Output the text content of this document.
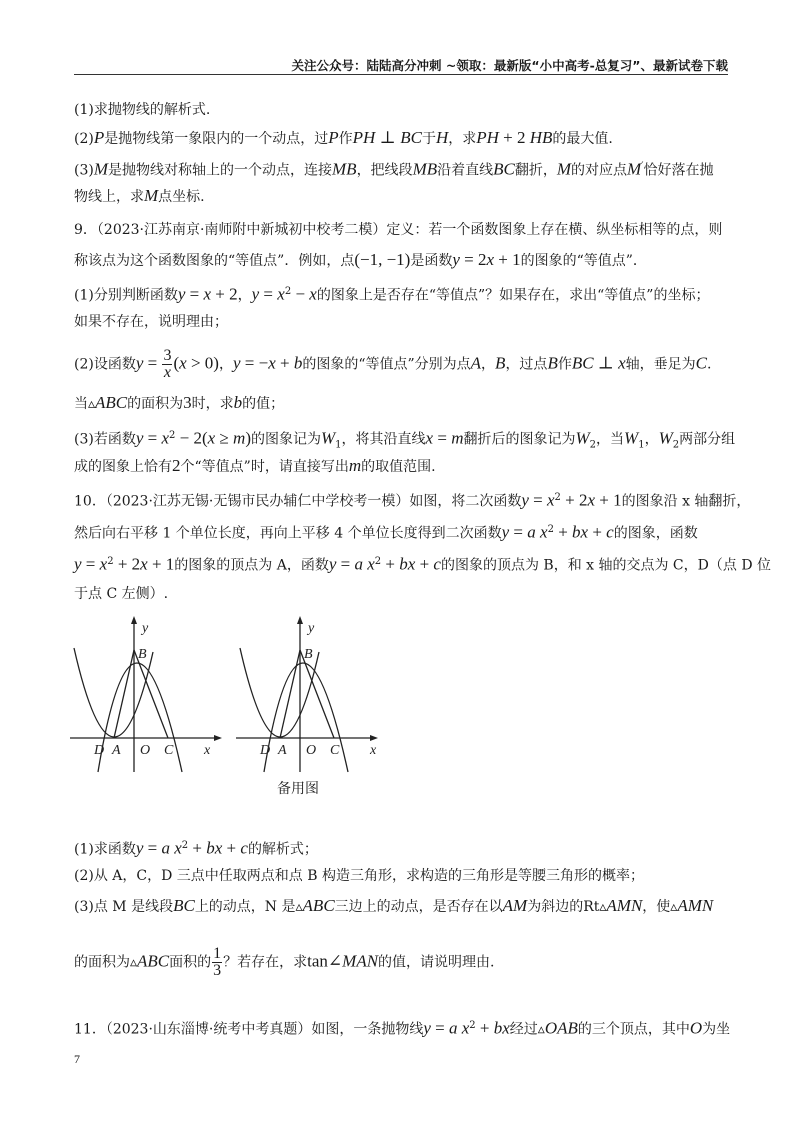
关注公众号：陆陆高分冲刺 ~领取：最新版“小中高考-总复习”、最新试卷下载
(1)求抛物线的解析式.
(2)P是抛物线第一象限内的一个动点，过P作PH ⊥ BC于H，求PH + 2 HB的最大值.
(3)M是抛物线对称轴上的一个动点，连接MB，把线段MB沿着直线BC翻折，M的对应点M′恰好落在抛
物线上，求M点坐标.
9．（2023·江苏南京·南师附中新城初中校考二模）定义：若一个函数图象上存在横、纵坐标相等的点，则
称该点为这个函数图象的“等值点”．例如，点(−1, −1)是函数y = 2x + 1的图象的“等值点”．
(1)分别判断函数y = x + 2，$y = x^2 - x$的图象上是否存在“等值点”？如果存在，求出“等值点”的坐标；
如果不存在，说明理由；
(2)设函数$y = \frac{3}{x} (x > 0)$，y = −x + b的图象的“等值点”分别为点A，B，过点B作BC ⊥ x轴，垂足为C.
当▵ABC的面积为3时，求b的值；
(3)若函数$y = x^2 - 2(x \ge m)$的图象记为$W_1$，将其沿直线x = m翻折后的图象记为$W_2$，当$W_1$，$W_2$两部分组
成的图象上恰有2个“等值点”时，请直接写出m的取值范围.
10．（2023·江苏无锡·无锡市民办辅仁中学校考一模）如图，将二次函数$y = x^2 + 2x + 1$的图象沿 x 轴翻折，
然后向右平移 1 个单位长度，再向上平移 4 个单位长度得到二次函数y = a $x^2$ + bx + c的图象，函数
$y = x^2 + 2x + 1$的图象的顶点为 A，函数y = a $x^2$ + bx + c的图象的顶点为 B，和 x 轴的交点为 C，D（点 D 位
于点 C 左侧）.
y
B
D A O C x
y
B
D A O C x
备用图
(1)求函数y = a $x^2$ + bx + c的解析式；
(2)从 A，C，D 三点中任取两点和点 B 构造三角形，求构造的三角形是等腰三角形的概率；
(3)点 M 是线段BC上的动点，N 是▵ABC三边上的动点，是否存在以AM为斜边的Rt▵AMN，使▵AMN
的面积为▵ABC面积的 $\frac{1}{3}$ ？若存在，求tan∠MAN的值，请说明理由.
11．（2023·山东淄博·统考中考真题）如图，一条抛物线y = a $x^2$ + bx经过▵OAB的三个顶点，其中O为坐
7
